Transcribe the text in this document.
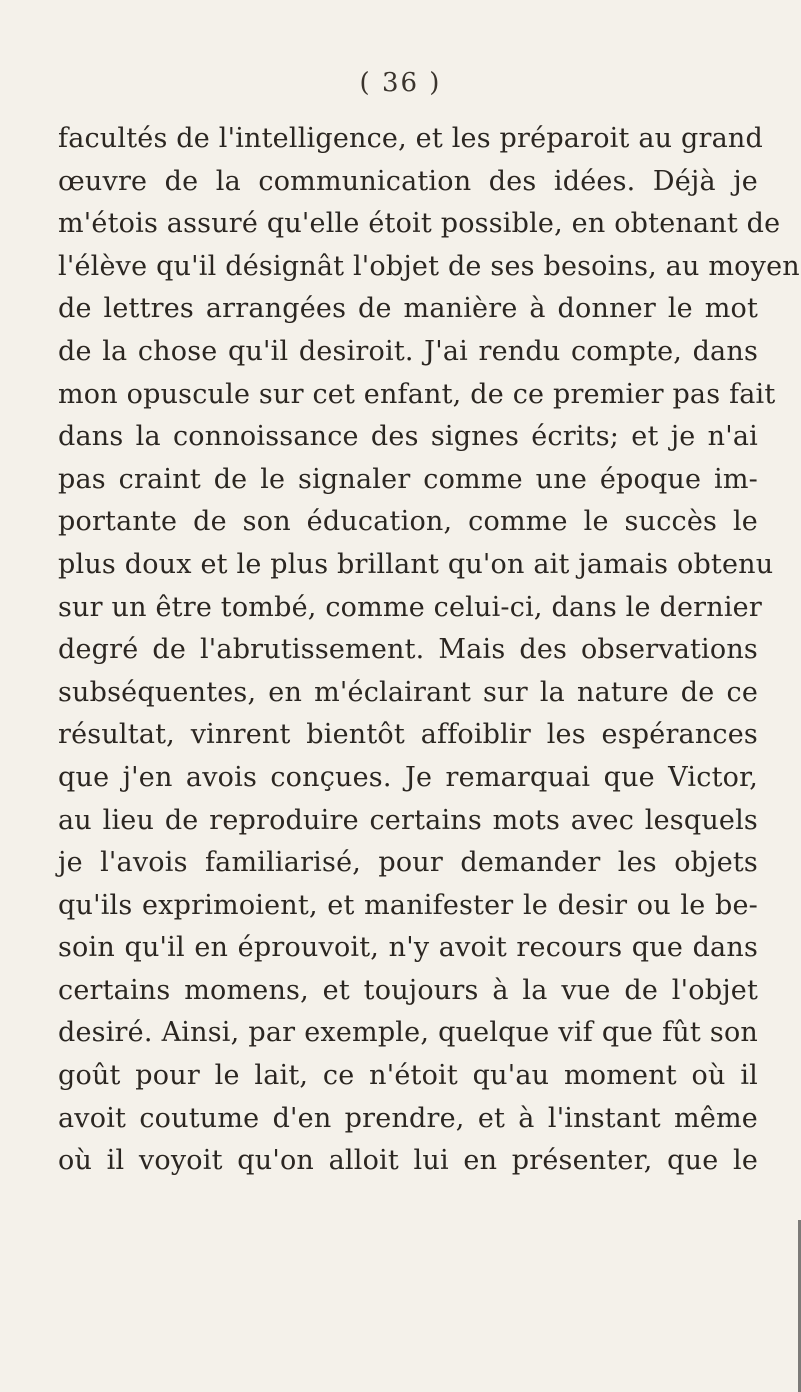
( 36 )
facultés de l'intelligence, et les préparoit au grand
œuvre de la communication des idées. Déjà je
m'étois assuré qu'elle étoit possible, en obtenant de
l'élève qu'il désignât l'objet de ses besoins, au moyen
de lettres arrangées de manière à donner le mot
de la chose qu'il desiroit. J'ai rendu compte, dans
mon opuscule sur cet enfant, de ce premier pas fait
dans la connoissance des signes écrits; et je n'ai
pas craint de le signaler comme une époque im-
portante de son éducation, comme le succès le
plus doux et le plus brillant qu'on ait jamais obtenu
sur un être tombé, comme celui-ci, dans le dernier
degré de l'abrutissement. Mais des observations
subséquentes, en m'éclairant sur la nature de ce
résultat, vinrent bientôt affoiblir les espérances
que j'en avois conçues. Je remarquai que Victor,
au lieu de reproduire certains mots avec lesquels
je l'avois familiarisé, pour demander les objets
qu'ils exprimoient, et manifester le desir ou le be-
soin qu'il en éprouvoit, n'y avoit recours que dans
certains momens, et toujours à la vue de l'objet
desiré. Ainsi, par exemple, quelque vif que fût son
goût pour le lait, ce n'étoit qu'au moment où il
avoit coutume d'en prendre, et à l'instant même
où il voyoit qu'on alloit lui en présenter, que le
